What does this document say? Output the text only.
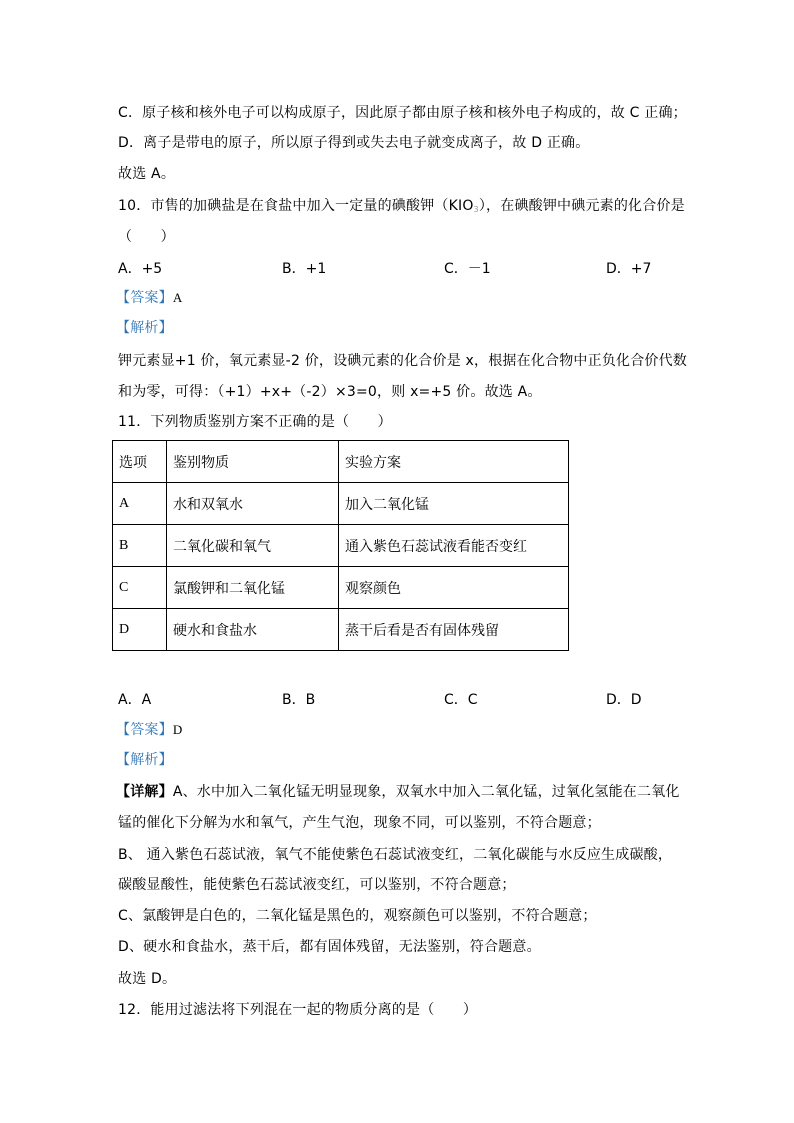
C．原子核和核外电子可以构成原子，因此原子都由原子核和核外电子构成的，故 C 正确；
D．离子是带电的原子，所以原子得到或失去电子就变成离子，故 D 正确。
故选 A。
10．市售的加碘盐是在食盐中加入一定量的碘酸钾$(KIO_3)$，在碘酸钾中碘元素的化合价是
（　　）
A．+5	B．+1	C．－1	D．+7
【答案】A
【解析】
钾元素显+1 价，氧元素显-2 价，设碘元素的化合价是 x，根据在化合物中正负化合价代数
和为零，可得：（+1）+x+（-2）×3=0，则 x=+5 价。故选 A。
11．下列物质鉴别方案不正确的是（　　）
选项	鉴别物质	实验方案
A	水和双氧水	加入二氧化锰
B	二氧化碳和氧气	通入紫色石蕊试液看能否变红
C	氯酸钾和二氧化锰	观察颜色
D	硬水和食盐水	蒸干后看是否有固体残留
A．A	B．B	C．C	D．D
【答案】D
【解析】
【详解】A、水中加入二氧化锰无明显现象，双氧水中加入二氧化锰，过氧化氢能在二氧化
锰的催化下分解为水和氧气，产生气泡，现象不同，可以鉴别，不符合题意；
B、 通入紫色石蕊试液，氧气不能使紫色石蕊试液变红，二氧化碳能与水反应生成碳酸，
碳酸显酸性，能使紫色石蕊试液变红，可以鉴别，不符合题意；
C、氯酸钾是白色的，二氧化锰是黑色的，观察颜色可以鉴别，不符合题意；
D、硬水和食盐水，蒸干后，都有固体残留，无法鉴别，符合题意。
故选 D。
12．能用过滤法将下列混在一起的物质分离的是（　　）
